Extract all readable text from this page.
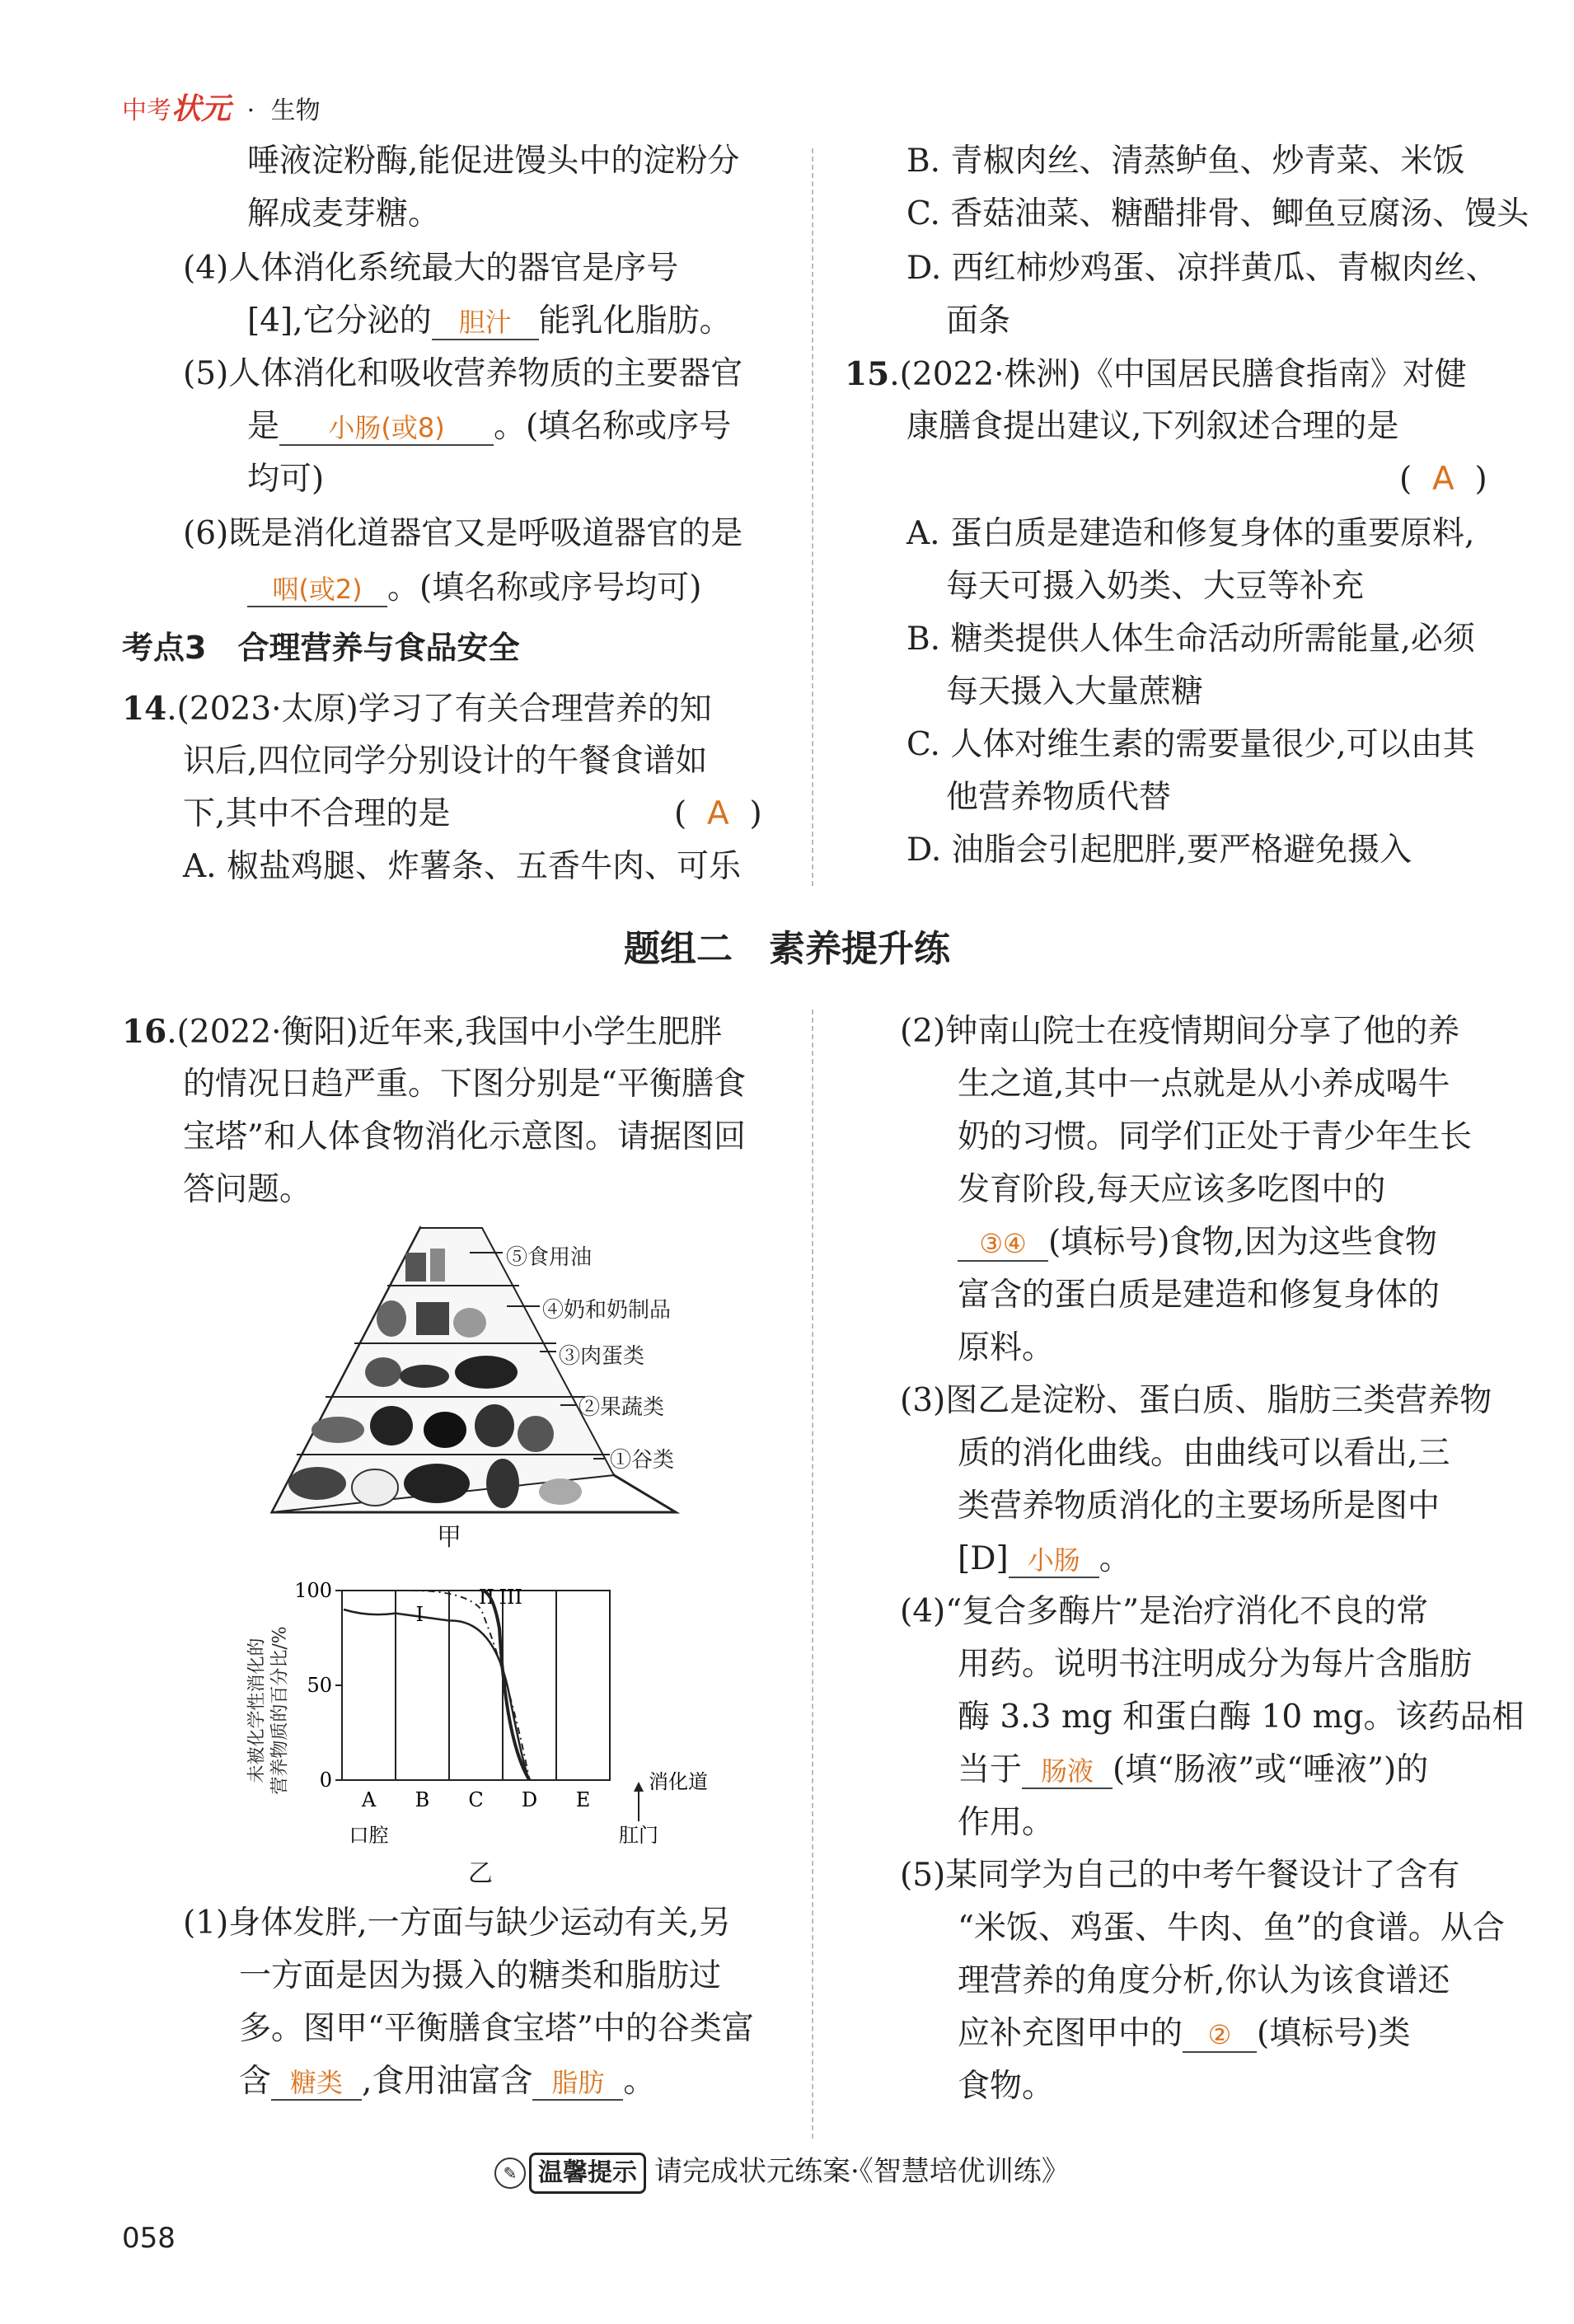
中考状元 · 生物
唾液淀粉酶,能促进馒头中的淀粉分
解成麦芽糖。
(4)人体消化系统最大的器官是序号
[4],它分泌的 胆汁 能乳化脂肪。
(5)人体消化和吸收营养物质的主要器官
是 小肠(或8) 。(填名称或序号
均可)
(6)既是消化道器官又是呼吸道器官的是
咽(或2) 。(填名称或序号均可)
考点3　合理营养与食品安全
14.(2023·太原)学习了有关合理营养的知
识后,四位同学分别设计的午餐食谱如
下,其中不合理的是	(  A  )
A. 椒盐鸡腿、炸薯条、五香牛肉、可乐
B. 青椒肉丝、清蒸鲈鱼、炒青菜、米饭
C. 香菇油菜、糖醋排骨、鲫鱼豆腐汤、馒头
D. 西红柿炒鸡蛋、凉拌黄瓜、青椒肉丝、
面条
15.(2022·株洲)《中国居民膳食指南》对健
康膳食提出建议,下列叙述合理的是
(  A  )
A. 蛋白质是建造和修复身体的重要原料,
每天可摄入奶类、大豆等补充
B. 糖类提供人体生命活动所需能量,必须
每天摄入大量蔗糖
C. 人体对维生素的需要量很少,可以由其
他营养物质代替
D. 油脂会引起肥胖,要严格避免摄入
题组二　素养提升练
16.(2022·衡阳)近年来,我国中小学生肥胖
的情况日趋严重。下图分别是“平衡膳食
宝塔”和人体食物消化示意图。请据图回
答问题。
⑤食用油
④奶和奶制品
③肉蛋类
②果蔬类
①谷类
甲
100
50
0
I
II III
A B C D E
消化道
口腔	肛门
未被化学性消化的 营养物质的百分比/%
乙
(1)身体发胖,一方面与缺少运动有关,另
一方面是因为摄入的糖类和脂肪过
多。图甲“平衡膳食宝塔”中的谷类富
含 糖类 ,食用油富含 脂肪 。
(2)钟南山院士在疫情期间分享了他的养
生之道,其中一点就是从小养成喝牛
奶的习惯。同学们正处于青少年生长
发育阶段,每天应该多吃图中的
③④ (填标号)食物,因为这些食物
富含的蛋白质是建造和修复身体的
原料。
(3)图乙是淀粉、蛋白质、脂肪三类营养物
质的消化曲线。由曲线可以看出,三
类营养物质消化的主要场所是图中
[D] 小肠 。
(4)“复合多酶片”是治疗消化不良的常
用药。说明书注明成分为每片含脂肪
酶 3.3 mg 和蛋白酶 10 mg。该药品相
当于 肠液 (填“肠液”或“唾液”)的
作用。
(5)某同学为自己的中考午餐设计了含有
“米饭、鸡蛋、牛肉、鱼”的食谱。从合
理营养的角度分析,你认为该食谱还
应补充图甲中的 ② (填标号)类
食物。
✎ 温馨提示 请完成状元练案·《智慧培优训练》
058
